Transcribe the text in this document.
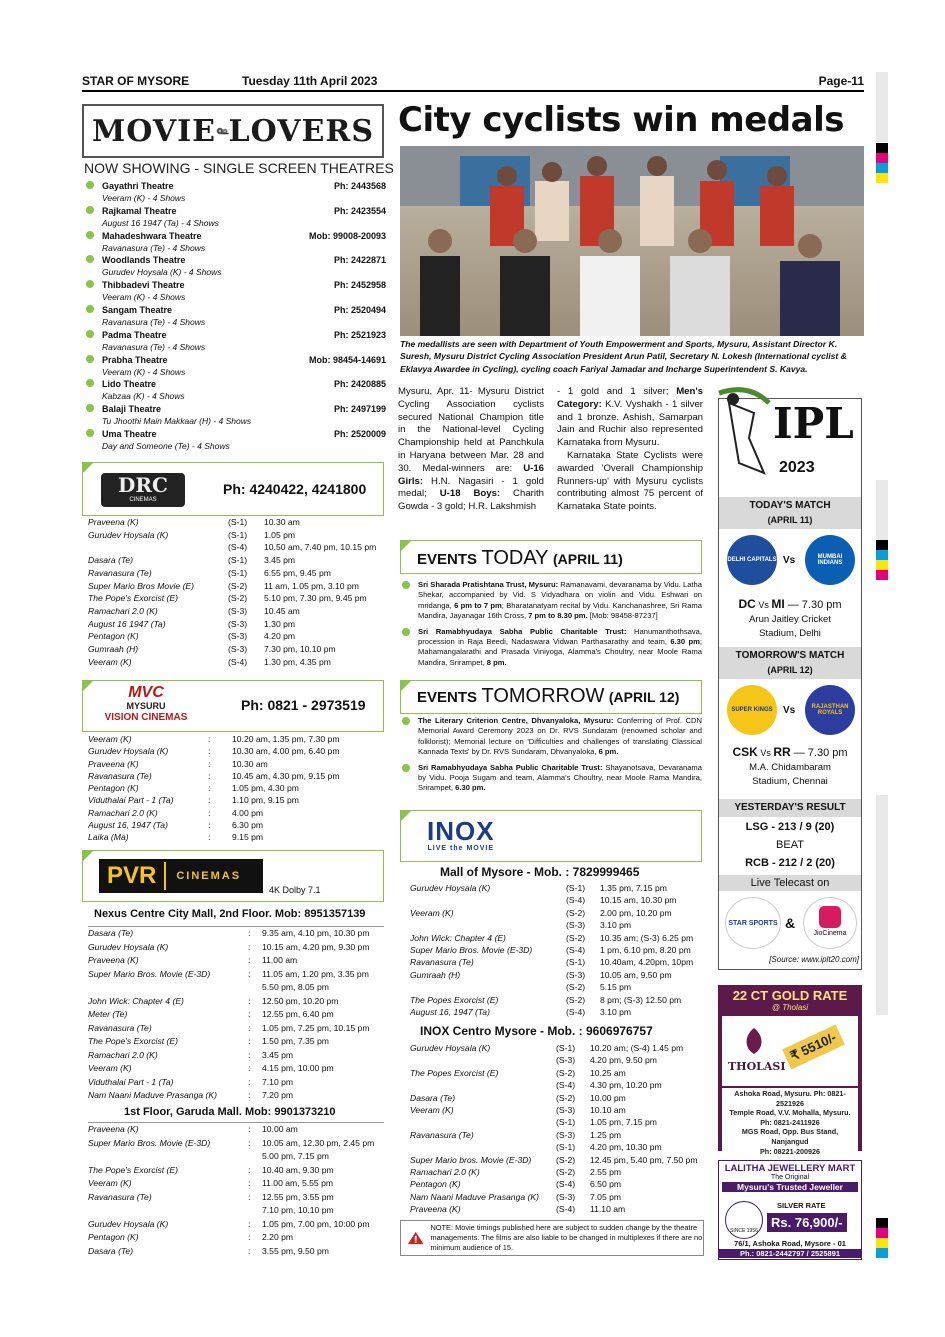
STAR OF MYSORE	Tuesday 11th April 2023	Page-11
MOVIE LOVERS
NOW SHOWING - SINGLE SCREEN THEATRES
Gayathri Theatre	Ph: 2443568
Veeram (K) - 4 Shows
Rajkamal Theatre	Ph: 2423554
August 16 1947 (Ta) - 4 Shows
Mahadeshwara Theatre	Mob: 99008-20093
Ravanasura (Te) - 4 Shows
Woodlands Theatre	Ph: 2422871
Gurudev Hoysala (K) - 4 Shows
Thibbadevi Theatre	Ph: 2452958
Veeram (K) - 4 Shows
Sangam Theatre	Ph: 2520494
Ravanasura (Te) - 4 Shows
Padma Theatre	Ph: 2521923
Ravanasura (Te) - 4 Shows
Prabha Theatre	Mob: 98454-14691
Veeram (K) - 4 Shows
Lido Theatre	Ph: 2420885
Kabzaa (K) - 4 Shows
Balaji Theatre	Ph: 2497199
Tu Jhoothi Main Makkaar (H) - 4 Shows
Uma Theatre	Ph: 2520009
Day and Someone (Te) - 4 Shows
DRC
CINEMAS
Ph: 4240422, 4241800
Praveena (K)	(S-1)	10.30 am
Gurudev Hoysala (K)	(S-1)	1.05 pm
(S-4)	10.50 am, 7.40 pm, 10.15 pm
Dasara (Te)	(S-1)	3.45 pm
Ravanasura (Te)	(S-1)	6.55 pm, 9.45 pm
Super Mario Bros Movie (E)	(S-2)	11 am, 1.05 pm, 3.10 pm
The Pope's Exorcist (E)	(S-2)	5.10 pm, 7.30 pm, 9.45 pm
Ramachari 2.0 (K)	(S-3)	10.45 am
August 16 1947 (Ta)	(S-3)	1.30 pm
Pentagon (K)	(S-3)	4.20 pm
Gumraah (H)	(S-3)	7.30 pm, 10.10 pm
Veeram (K)	(S-4)	1.30 pm, 4.35 pm
MVC
MYSURU
VISION CINEMAS
Ph: 0821 - 2973519
Veeram (K)	:	10.20 am, 1.35 pm, 7.30 pm
Gurudev Hoysala (K)	:	10.30 am, 4.00 pm, 6.40 pm
Praveena (K)	:	10.30 am
Ravanasura (Te)	:	10.45 am, 4.30 pm, 9.15 pm
Pentagon (K)	:	1.05 pm, 4.30 pm
Viduthalai Part - 1 (Ta)	:	1.10 pm, 9.15 pm
Ramachari 2.0 (K)	:	4.00 pm
August 16, 1947 (Ta)	:	6.30 pm
Laika (Ma)	:	9.15 pm
PVR	CINEMAS
4K Dolby 7.1
Nexus Centre City Mall, 2nd Floor. Mob: 8951357139
Dasara (Te)	:	9.35 am, 4.10 pm, 10.30 pm
Gurudev Hoysala (K)	:	10.15 am, 4.20 pm, 9.30 pm
Praveena (K)	:	11.00 am
Super Mario Bros. Movie (E-3D)	:	11.05 am, 1.20 pm, 3.35 pm
5.50 pm, 8.05 pm
John Wick: Chapter 4 (E)	:	12.50 pm, 10.20 pm
Meter (Te)	:	12.55 pm, 6.40 pm
Ravanasura (Te)	:	1.05 pm, 7.25 pm, 10.15 pm
The Pope's Exorcist (E)	:	1.50 pm, 7.35 pm
Ramachari 2.0 (K)	:	3.45 pm
Veeram (K)	:	4.15 pm, 10.00 pm
Viduthalai Part - 1 (Ta)	:	7.10 pm
Nam Naani Maduve Prasanga (K)	:	7.20 pm
1st Floor, Garuda Mall. Mob: 9901373210
Praveena (K)	:	10.00 am
Super Mario Bros. Movie (E-3D)	:	10.05 am, 12.30 pm, 2.45 pm
5.00 pm, 7.15 pm
The Pope's Exorcist (E)	:	10.40 am, 9.30 pm
Veeram (K)	:	11.00 am, 5.55 pm
Ravanasura (Te)	:	12.55 pm, 3.55 pm
7.10 pm, 10.10 pm
Gurudev Hoysala (K)	:	1.05 pm, 7.00 pm, 10:00 pm
Pentagon (K)	:	2.20 pm
Dasara (Te)	:	3.55 pm, 9.50 pm
City cyclists win medals
The medallists are seen with Department of Youth Empowerment and Sports, Mysuru, Assistant Director K. Suresh, Mysuru District Cycling Association President Arun Patil, Secretary N. Lokesh (International cyclist & Eklavya Awardee in Cycling), cycling coach Fariyal Jamadar and Incharge Superintendent S. Kavya.
Mysuru, Apr. 11- Mysuru District Cycling Association cyclists secured National Champion title in the National-level Cycling Championship held at Panchkula in Haryana between Mar. 28 and 30. Medal-winners are: U-16 Girls: H.N. Nagasiri - 1 gold medal; U-18 Boys: Charith Gowda - 3 gold; H.R. Lakshmish
- 1 gold and 1 silver; Men's Category: K.V. Vyshakh - 1 silver and 1 bronze. Ashish, Samarpan Jain and Ruchir also represented Karnataka from Mysuru.
Karnataka State Cyclists were awarded 'Overall Championship Runners-up' with Mysuru cyclists contributing almost 75 percent of Karnataka State points.
EVENTS TODAY (APRIL 11)
Sri Sharada Pratishtana Trust, Mysuru: Ramanavami, devaranama by Vidu. Latha Shekar, accompanied by Vid. S Vidyadhara on violin and Vidu. Eshwari on mridanga, 6 pm to 7 pm; Bharatanatyam recital by Vidu. Kanchanashree, Sri Rama Mandira, Jayanagar 16th Cross, 7 pm to 8.30 pm. [Mob: 98458-87237]
Sri Ramabhyudaya Sabha Public Charitable Trust: Hanumanthothsava, procession in Raja Beedi, Nadaswara Vidwan Parthasarathy and team, 6.30 pm; Mahamangalarathi and Prasada Viniyoga, Alamma's Choultry, near Moole Rama Mandira, Srirampet, 8 pm.
EVENTS TOMORROW (APRIL 12)
The Literary Criterion Centre, Dhvanyaloka, Mysuru: Conferring of Prof. CDN Memorial Award Ceremony 2023 on Dr. RVS Sundaram (renowned scholar and folklorist); Memorial lecture on 'Difficulties and challenges of translating Classical Kannada Texts' by Dr. RVS Sundaram, Dhvanyaloka, 6 pm.
Sri Ramabhyudaya Sabha Public Charitable Trust: Shayanotsava, Devaranama by Vidu. Pooja Sugam and team, Alamma's Choultry, near Moole Rama Mandira, Srirampet, 6.30 pm.
INOX
LIVE the MOVIE
Mall of Mysore - Mob. : 7829999465
Gurudev Hoysala (K)	(S-1)	1.35 pm, 7.15 pm
(S-4)	10.15 am, 10.30 pm
Veeram (K)	(S-2)	2.00 pm, 10.20 pm
(S-3)	3.10 pm
John Wick: Chapter 4 (E)	(S-2)	10.35 am; (S-3) 6.25 pm
Super Mario Bros. Movie (E-3D)	(S-4)	1 pm, 6.10 pm, 8.20 pm
Ravanasura (Te)	(S-1)	10.40am, 4.20pm, 10pm
Gumraah (H)	(S-3)	10.05 am, 9.50 pm
(S-2)	5.15 pm
The Popes Exorcist (E)	(S-2)	8 pm; (S-3) 12.50 pm
August 16, 1947 (Ta)	(S-4)	3.10 pm
INOX Centro Mysore - Mob. : 9606976757
Gurudev Hoysala (K)	(S-1)	10.20 am; (S-4) 1.45 pm
(S-3)	4.20 pm, 9.50 pm
The Popes Exorcist (E)	(S-2)	10.25 am
(S-4)	4.30 pm, 10.20 pm
Dasara (Te)	(S-2)	10.00 pm
Veeram (K)	(S-3)	10.10 am
(S-1)	1.05 pm, 7.15 pm
Ravanasura (Te)	(S-3)	1.25 pm
(S-1)	4.20 pm, 10.30 pm
Super Mario bros. Movie (E-3D)	(S-2)	12.45 pm, 5.40 pm, 7.50 pm
Ramachari 2.0 (K)	(S-2)	2.55 pm
Pentagon (K)	(S-4)	6.50 pm
Nam Naani Maduve Prasanga (K)	(S-3)	7.05 pm
Praveena (K)	(S-4)	11.10 am
NOTE: Movie timings published here are subject to sudden change by the theatre managements. The films are also liable to be changed in multiplexes if there are no minimum audience of 15.
IPL
2023
TODAY'S MATCH
(APRIL 11)
DELHI CAPITALS Vs	MUMBAI INDIANS
DC Vs MI — 7.30 pm
Arun Jaitley Cricket Stadium, Delhi
TOMORROW'S MATCH
(APRIL 12)
SUPER KINGS Vs	RAJASTHAN ROYALS
CSK Vs RR — 7.30 pm
M.A. Chidambaram Stadium, Chennai
YESTERDAY'S RESULT
LSG - 213 / 9 (20)
BEAT
RCB - 212 / 2 (20)
Live Telecast on
STAR SPORTS &
JioCinema
[Source: www.iplt20.com]
22 CT GOLD RATE
@ Tholasi
THOLASI
₹ 5510/-
Ashoka Road, Mysuru. Ph: 0821-2521926
Temple Road, V.V. Mohalla, Mysuru.
Ph: 0821-2411926
MGS Road, Opp. Bus Stand, Nanjangud
Ph: 08221-200926
LALITHA JEWELLERY MART
The Original
Mysuru's Trusted Jeweller
SILVER RATE
SINCE 1956
Rs. 76,900/-
76/1, Ashoka Road, Mysore - 01
Ph.: 0821-2442797 / 2525891
